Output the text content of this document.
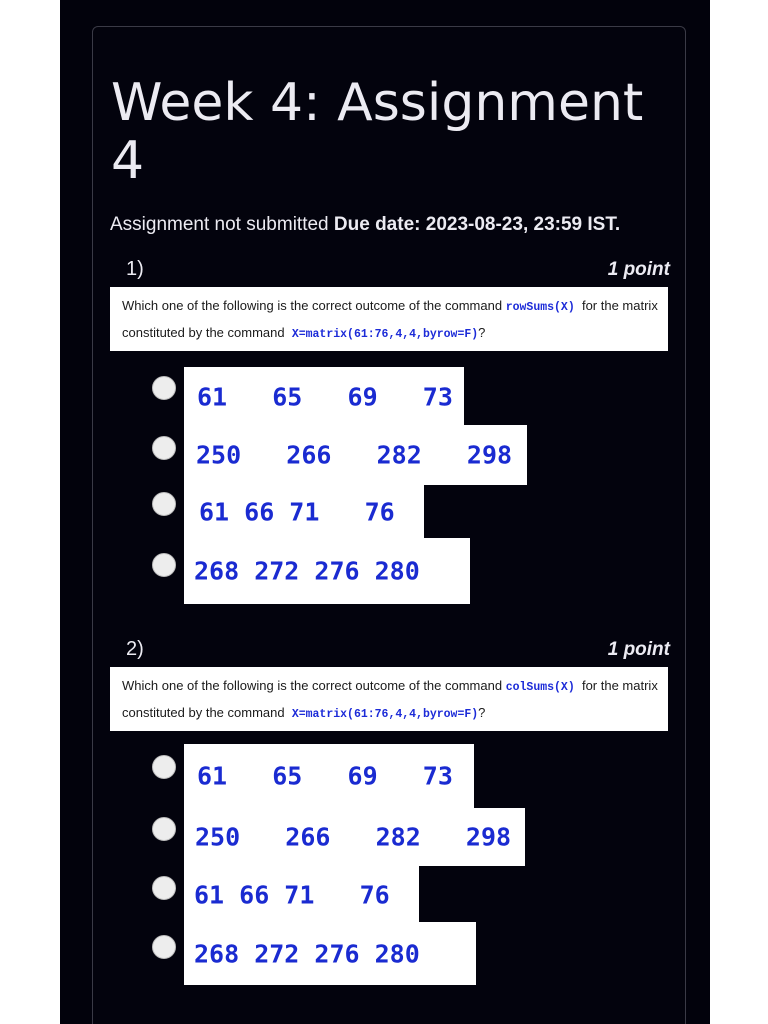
Week 4: Assignment 4
Assignment not submitted Due date: 2023-08-23, 23:59 IST.
1)	1 point
Which one of the following is the correct outcome of the command rowSums(X) for the matrix constituted by the command X=matrix(61:76,4,4,byrow=F)?
61   65   69   73
250   266   282   298
61 66 71   76
268 272 276 280
2)	1 point
Which one of the following is the correct outcome of the command colSums(X) for the matrix constituted by the command X=matrix(61:76,4,4,byrow=F)?
61   65   69   73
250   266   282   298
61 66 71   76
268 272 276 280
